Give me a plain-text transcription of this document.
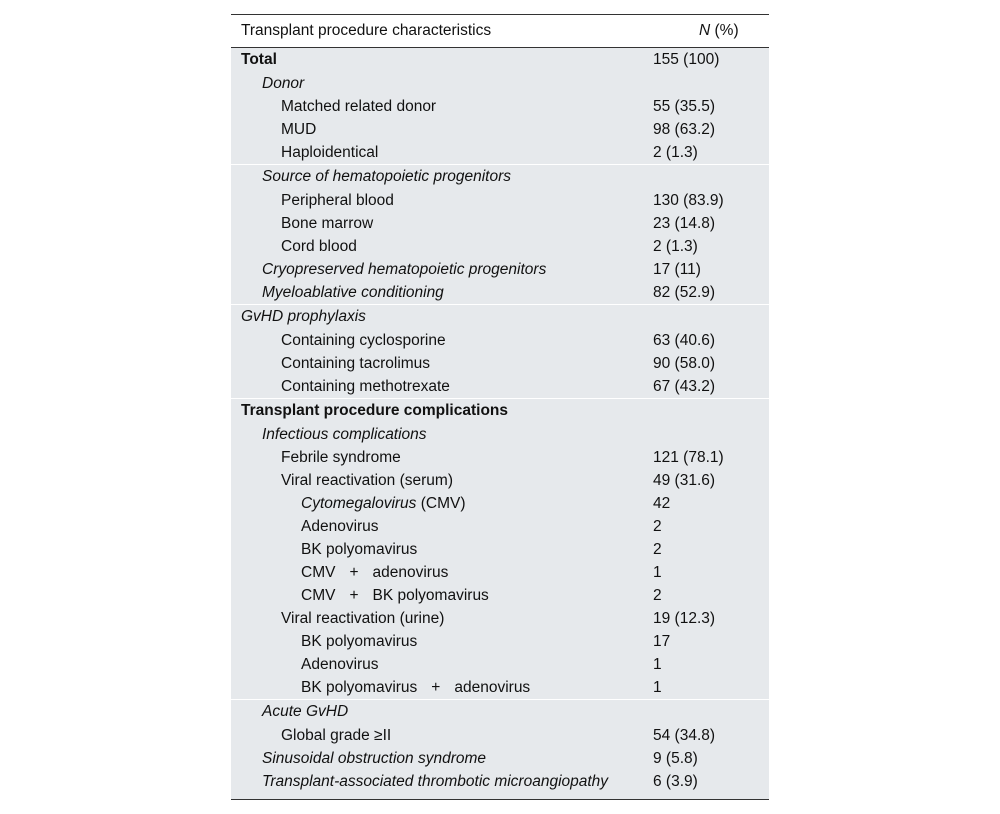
Transplant procedure characteristics	N (%)
Total	155 (100)
Donor
Matched related donor	55 (35.5)
MUD	98 (63.2)
Haploidentical	2 (1.3)
Source of hematopoietic progenitors
Peripheral blood	130 (83.9)
Bone marrow	23 (14.8)
Cord blood	2 (1.3)
Cryopreserved hematopoietic progenitors	17 (11)
Myeloablative conditioning	82 (52.9)
GvHD prophylaxis
Containing cyclosporine	63 (40.6)
Containing tacrolimus	90 (58.0)
Containing methotrexate	67 (43.2)
Transplant procedure complications
Infectious complications
Febrile syndrome	121 (78.1)
Viral reactivation (serum)	49 (31.6)
Cytomegalovirus (CMV)	42
Adenovirus	2
BK polyomavirus	2
CMV + adenovirus	1
CMV + BK polyomavirus	2
Viral reactivation (urine)	19 (12.3)
BK polyomavirus	17
Adenovirus	1
BK polyomavirus + adenovirus	1
Acute GvHD
Global grade ≥II	54 (34.8)
Sinusoidal obstruction syndrome	9 (5.8)
Transplant-associated thrombotic microangiopathy	6 (3.9)
